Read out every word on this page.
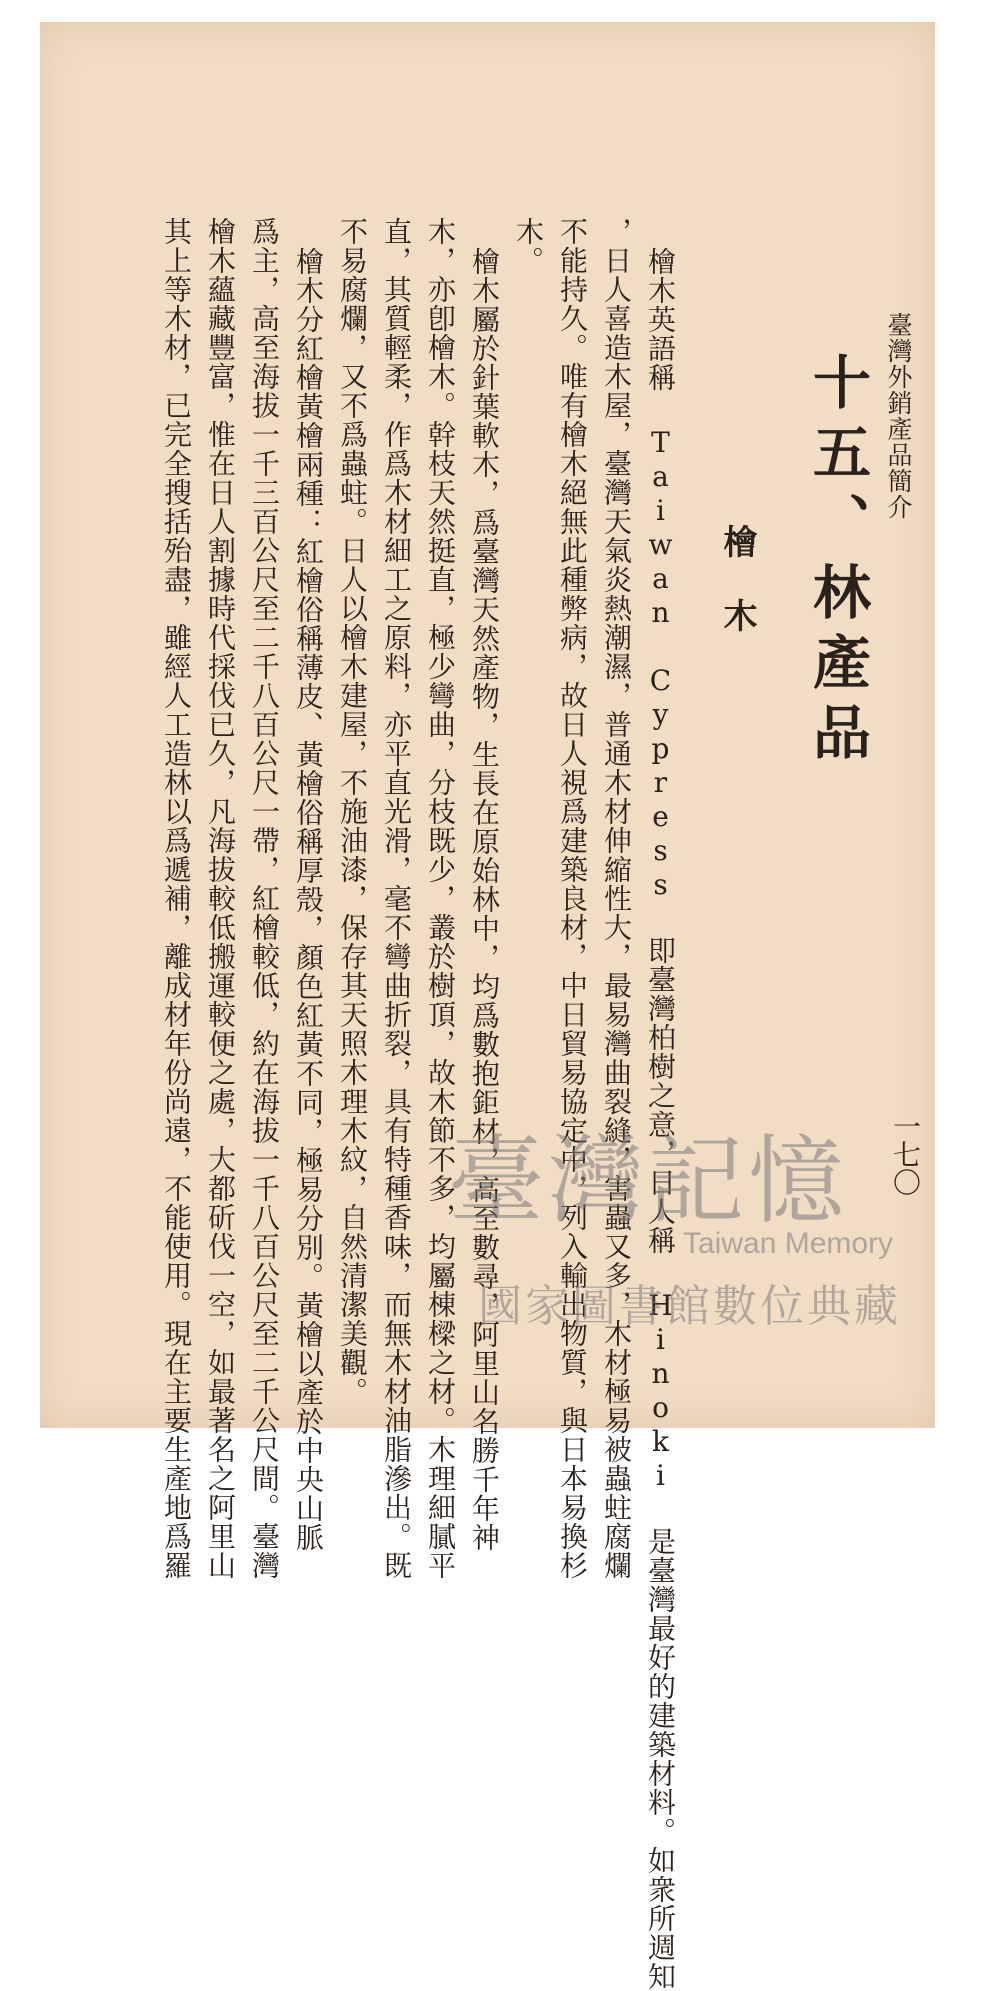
臺灣外銷產品簡介
十五、林產品
檜木
檜木英語稱 Taiwan Cypress 即臺灣柏樹之意，日人稱 Hinoki 是臺灣最好的建築材料。如衆所週知
，日人喜造木屋，臺灣天氣炎熱潮濕，普通木材伸縮性大，最易灣曲裂縫，害蟲又多，木材極易被蟲蛀腐爛
不能持久。唯有檜木絕無此種弊病，故日人視爲建築良材，中日貿易協定中，列入輸出物質，與日本易換杉
木。
檜木屬於針葉軟木，爲臺灣天然產物，生長在原始林中，均爲數抱鉅材，高至數尋，阿里山名勝千年神
木，亦卽檜木。幹枝天然挺直，極少彎曲，分枝既少，叢於樹頂，故木節不多，均屬棟樑之材。木理細膩平
直，其質輕柔，作爲木材細工之原料，亦平直光滑，毫不彎曲折裂，具有特種香味，而無木材油脂滲出。既
不易腐爛，又不爲蟲蛀。日人以檜木建屋，不施油漆，保存其天照木理木紋，自然清潔美觀。
檜木分紅檜黃檜兩種：紅檜俗稱薄皮、黃檜俗稱厚殼，顏色紅黃不同，極易分別。黃檜以產於中央山脈
爲主，高至海拔一千三百公尺至二千八百公尺一帶，紅檜較低，約在海拔一千八百公尺至二千公尺間。臺灣
檜木蘊藏豐富，惟在日人割據時代採伐已久，凡海拔較低搬運較便之處，大都斫伐一空，如最著名之阿里山
其上等木材，已完全搜括殆盡，雖經人工造林以爲遞補，離成材年份尚遠，不能使用。現在主要生產地爲羅	一七〇
臺灣記憶
Taiwan Memory
國家圖書館數位典藏
